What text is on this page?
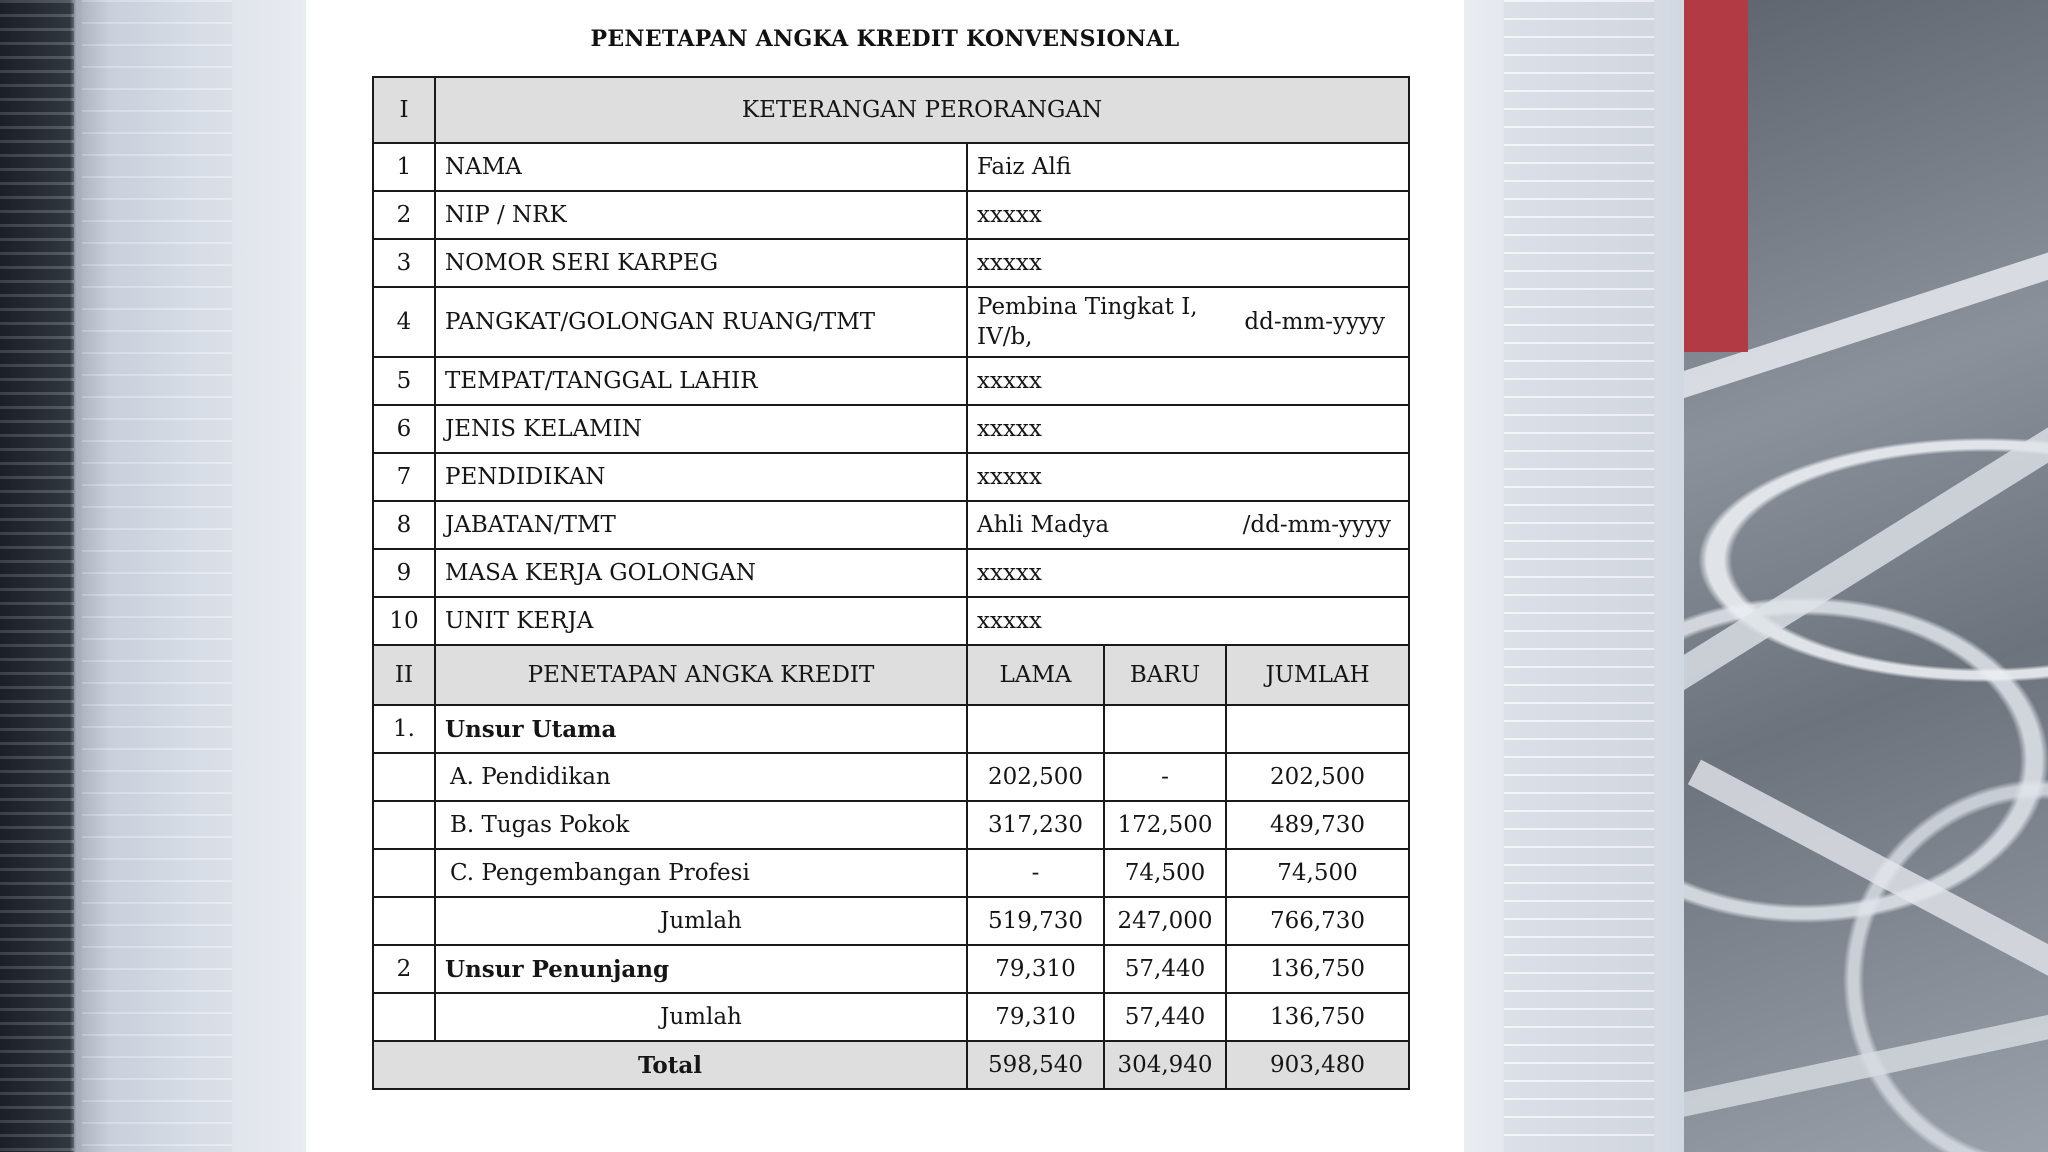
PENETAPAN ANGKA KREDIT KONVENSIONAL
I	KETERANGAN PERORANGAN			
1	NAMA	Faiz Alfi		
2	NIP / NRK	xxxxx		
3	NOMOR SERI KARPEG	xxxxx		
4	PANGKAT/GOLONGAN RUANG/TMT	Pembina Tingkat I, IV/b,
dd-mm-yyyy		

5	TEMPAT/TANGGAL LAHIR	xxxxx		
6	JENIS KELAMIN	xxxxx		
7	PENDIDIKAN	xxxxx		
8	JABATAN/TMT	Ahli Madya /dd-mm-yyyy		

9	MASA KERJA GOLONGAN	xxxxx		
10	UNIT KERJA	xxxxx		
II	PENETAPAN ANGKA KREDIT	LAMA	BARU	JUMLAH
1.	Unsur Utama			
	A. Pendidikan	202,500	-	202,500
	B. Tugas Pokok	317,230	172,500	489,730
	C. Pengembangan Profesi	-	74,500	74,500
	Jumlah	519,730	247,000	766,730
2	Unsur Penunjang	79,310	57,440	136,750
	Jumlah	79,310	57,440	136,750
Total		598,540	304,940	903,480
